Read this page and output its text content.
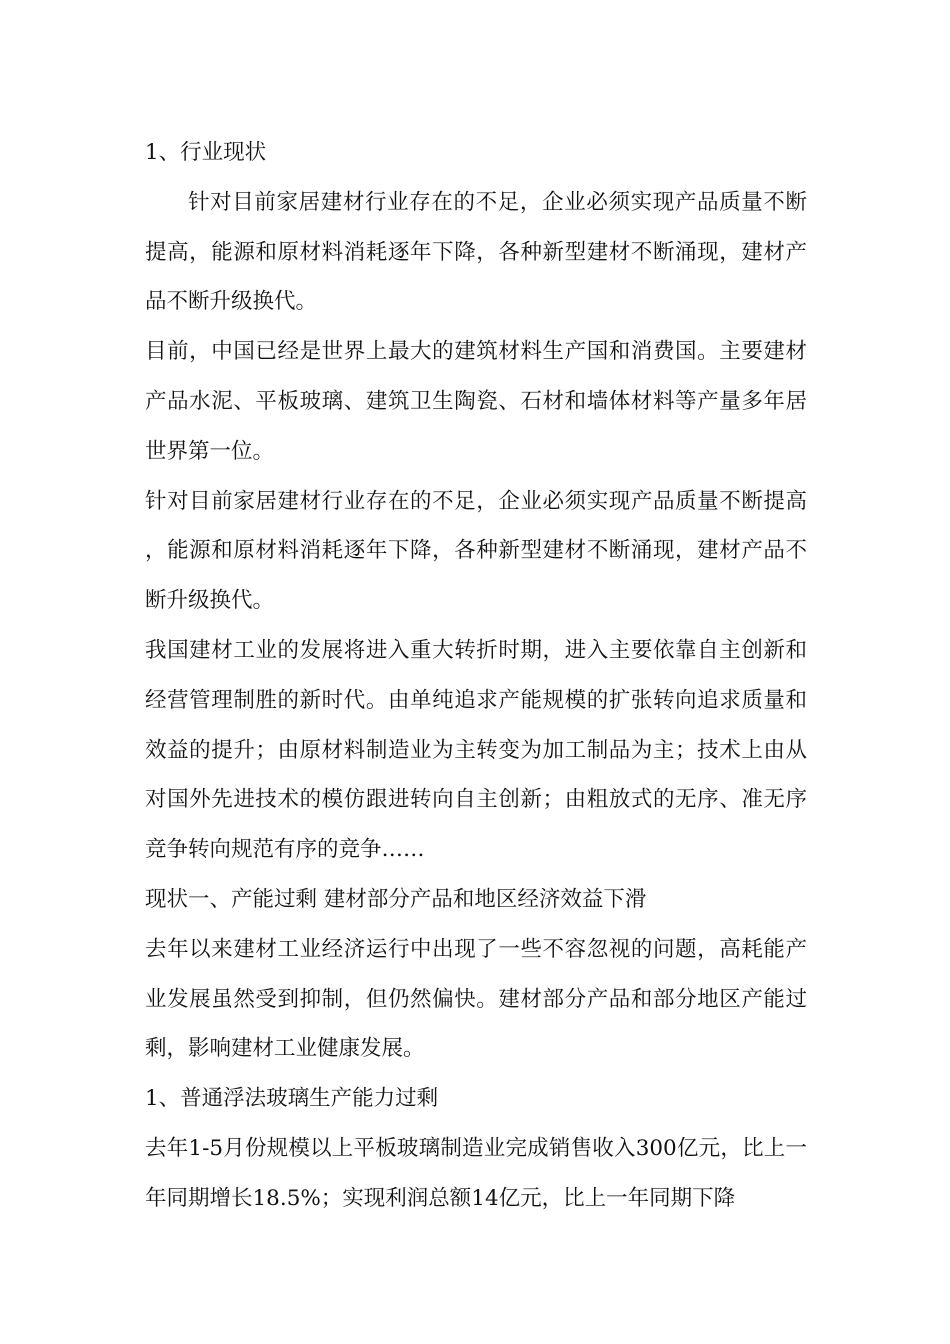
1、行业现状

针对目前家居建材行业存在的不足，企业必须实现产品质量不断提高，能源和原材料消耗逐年下降，各种新型建材不断涌现，建材产品不断升级换代。

目前，中国已经是世界上最大的建筑材料生产国和消费国。主要建材产品水泥、平板玻璃、建筑卫生陶瓷、石材和墙体材料等产量多年居世界第一位。

针对目前家居建材行业存在的不足，企业必须实现产品质量不断提高，能源和原材料消耗逐年下降，各种新型建材不断涌现，建材产品不断升级换代。

我国建材工业的发展将进入重大转折时期，进入主要依靠自主创新和经营管理制胜的新时代。由单纯追求产能规模的扩张转向追求质量和效益的提升；由原材料制造业为主转变为加工制品为主；技术上由从对国外先进技术的模仿跟进转向自主创新；由粗放式的无序、准无序竞争转向规范有序的竞争……

现状一、产能过剩 建材部分产品和地区经济效益下滑

去年以来建材工业经济运行中出现了一些不容忽视的问题，高耗能产业发展虽然受到抑制，但仍然偏快。建材部分产品和部分地区产能过剩，影响建材工业健康发展。

1、普通浮法玻璃生产能力过剩

去年1-5月份规模以上平板玻璃制造业完成销售收入300亿元，比上一年同期增长18.5%；实现利润总额14亿元，比上一年同期下降
